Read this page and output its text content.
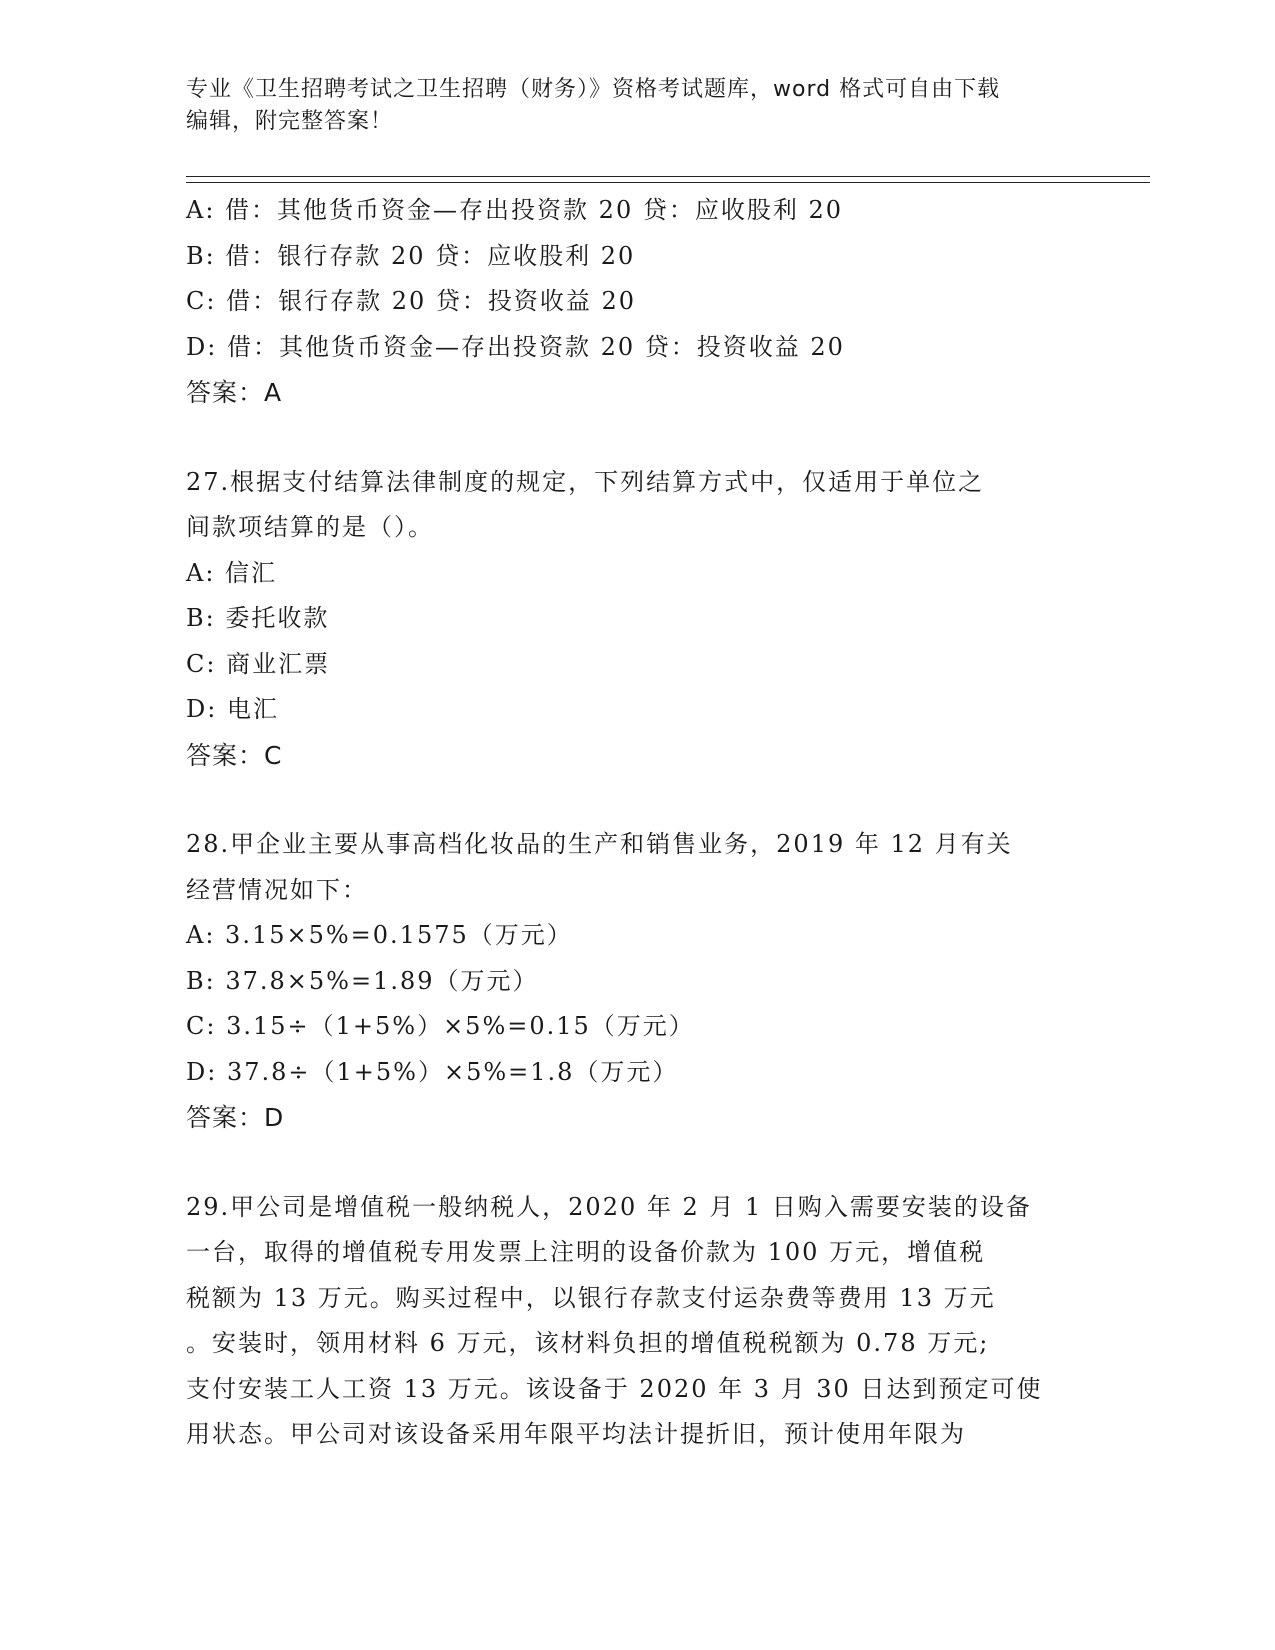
专业《卫生招聘考试之卫生招聘（财务）》资格考试题库，word 格式可自由下载
编辑，附完整答案！
A: 借：其他货币资金—存出投资款 20 贷：应收股利 20
B: 借：银行存款 20 贷：应收股利 20
C: 借：银行存款 20 贷：投资收益 20
D: 借：其他货币资金—存出投资款 20 贷：投资收益 20
答案：A
27.根据支付结算法律制度的规定，下列结算方式中，仅适用于单位之
间款项结算的是（）。
A: 信汇
B: 委托收款
C: 商业汇票
D: 电汇
答案：C
28.甲企业主要从事高档化妆品的生产和销售业务，2019 年 12 月有关
经营情况如下：
A: 3.15×5%=0.1575（万元）
B: 37.8×5%=1.89（万元）
C: 3.15÷（1+5%）×5%=0.15（万元）
D: 37.8÷（1+5%）×5%=1.8（万元）
答案：D
29.甲公司是增值税一般纳税人，2020 年 2 月 1 日购入需要安装的设备
一台，取得的增值税专用发票上注明的设备价款为 100 万元，增值税
税额为 13 万元。购买过程中，以银行存款支付运杂费等费用 13 万元
。安装时，领用材料 6 万元，该材料负担的增值税税额为 0.78 万元;
支付安装工人工资 13 万元。该设备于 2020 年 3 月 30 日达到预定可使
用状态。甲公司对该设备采用年限平均法计提折旧，预计使用年限为
